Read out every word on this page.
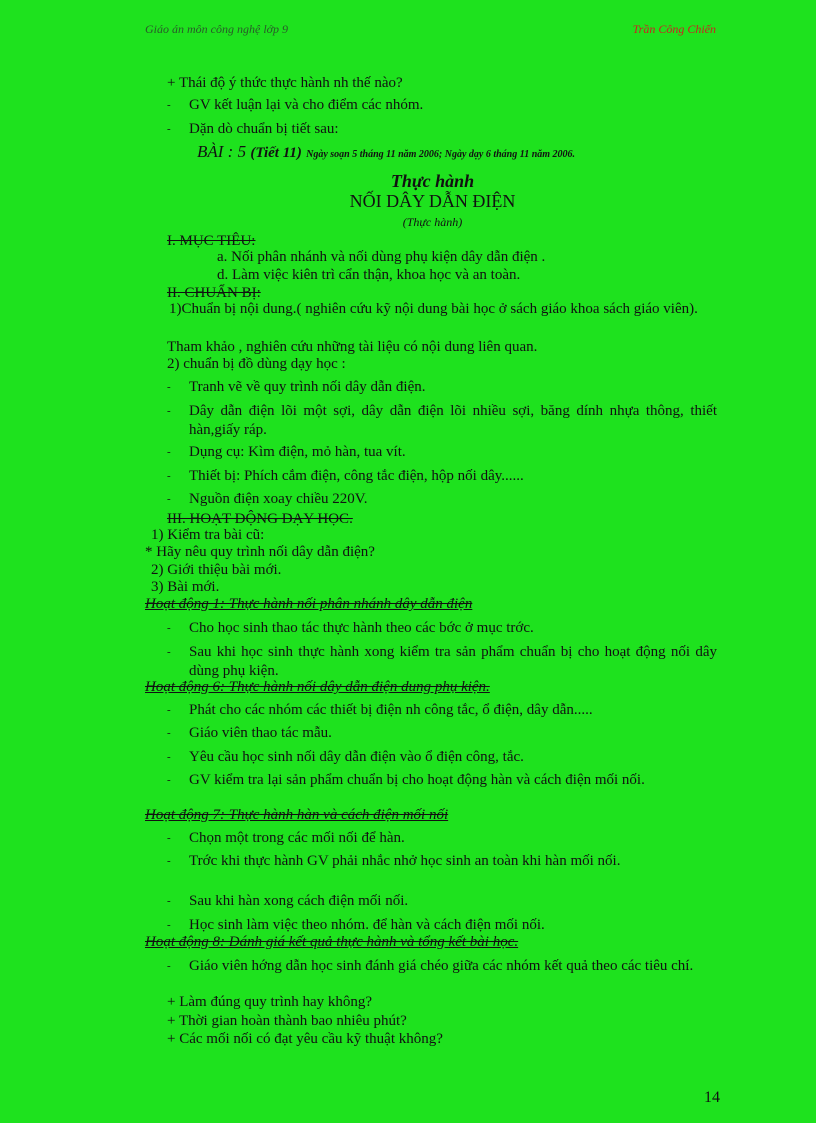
Giáo án môn công nghệ lớp 9	Trần Công Chiến
+ Thái độ ý thức thực hành nh thế nào?
- GV kết luận lại và cho điểm các nhóm.
- Dặn dò chuẩn bị tiết sau:
BÀI : 5 (Tiết 11) Ngày soạn 5 tháng 11 năm 2006; Ngày dạy 6 tháng 11 năm 2006.
Thực hành
NỐI DÂY DẪN ĐIỆN
(Thực hành)
I. MỤC TIÊU:
a. Nối phân nhánh và nối dùng phụ kiện dây dẫn điện .
d. Làm việc kiên trì cẩn thận, khoa học và an toàn.
II. CHUẨN BỊ:
1)Chuẩn bị nội dung.( nghiên cứu kỹ nội dung bài học ở sách giáo khoa sách giáo viên).
Tham khảo , nghiên cứu những tài liệu có nội dung liên quan.
2) chuẩn bị đồ dùng dạy học :
- Tranh vẽ về quy trình nối dây dẫn điện.
- Dây dẫn điện lõi một sợi, dây dẫn điện lõi nhiều sợi, băng dính nhựa thông, thiết hàn,giấy ráp.
- Dụng cụ: Kìm điện, mỏ hàn, tua vít.
- Thiết bị: Phích cắm điện, công tắc điện, hộp nối dây......
- Nguồn điện xoay chiều 220V.
III. HOẠT ĐỘNG DẠY HỌC.
1) Kiểm tra bài cũ:
* Hãy nêu quy trình nối dây dẫn điện?
2) Giới thiệu bài mới.
3) Bài mới.
Hoạt động 1: Thực hành nối phân nhánh dây dẫn điện
- Cho học sinh thao tác thực hành theo các bớc ở mục trớc.
- Sau khi học sinh thực hành xong kiểm tra sản phẩm chuẩn bị cho hoạt động nối dây dùng phụ kiện.
Hoạt động 6: Thực hành nối dây dẫn điện dung phụ kiện.
- Phát cho các nhóm các thiết bị điện nh công tắc, ổ điện, dây dẫn.....
- Giáo viên thao tác mẫu.
- Yêu cầu học sinh nối dây dẫn điện vào ổ điện công, tắc.
- GV kiểm tra lại sản phẩm chuẩn bị cho hoạt động hàn và cách điện mối nối.
Hoạt động 7: Thực hành hàn và cách điện mối nối
- Chọn một trong các mối nối để hàn.
- Trớc khi thực hành GV phải nhắc nhở học sinh an toàn khi hàn mối nối.
- Sau khi hàn xong cách điện mối nối.
- Học sinh làm việc theo nhóm. để hàn và cách điện mối nối.
Hoạt động 8: Đánh giá kết quả thực hành và tổng kết bài học.
- Giáo viên hớng dẫn học sinh đánh giá chéo giữa các nhóm kết quả theo các tiêu chí.
+ Làm đúng quy trình hay không?
+ Thời gian hoàn thành bao nhiêu phút?
+ Các mối nối có đạt yêu cầu kỹ thuật không?
14
